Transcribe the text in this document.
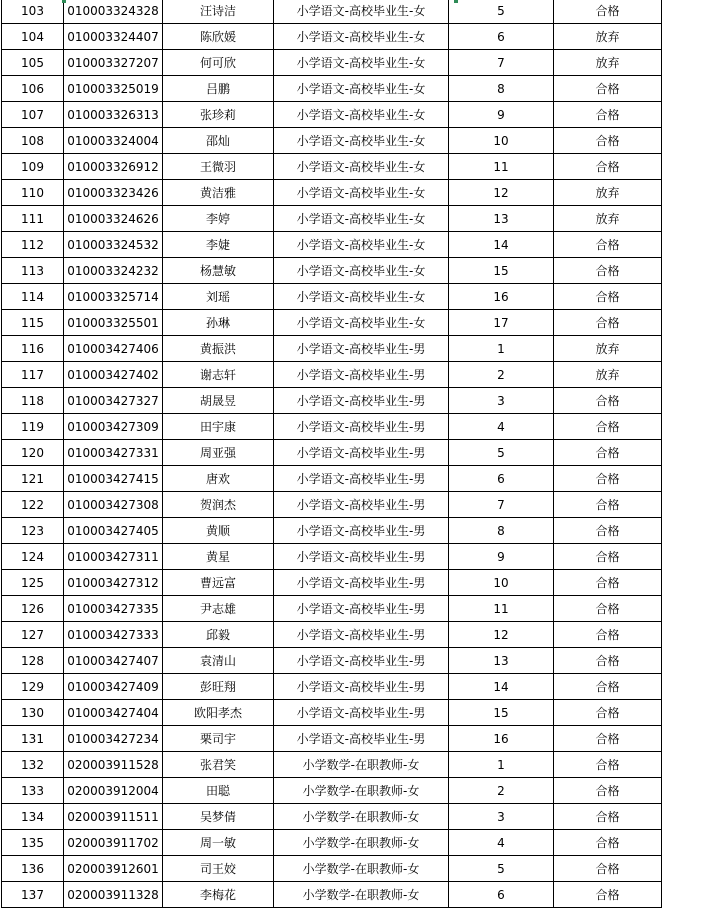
103	010003324328	汪诗洁	小学语文-高校毕业生-女	5	合格
104	010003324407	陈欣媛	小学语文-高校毕业生-女	6	放弃
105	010003327207	何可欣	小学语文-高校毕业生-女	7	放弃
106	010003325019	吕鹏	小学语文-高校毕业生-女	8	合格
107	010003326313	张珍莉	小学语文-高校毕业生-女	9	合格
108	010003324004	邵灿	小学语文-高校毕业生-女	10	合格
109	010003326912	王微羽	小学语文-高校毕业生-女	11	合格
110	010003323426	黄洁雅	小学语文-高校毕业生-女	12	放弃
111	010003324626	李婷	小学语文-高校毕业生-女	13	放弃
112	010003324532	李婕	小学语文-高校毕业生-女	14	合格
113	010003324232	杨慧敏	小学语文-高校毕业生-女	15	合格
114	010003325714	刘瑶	小学语文-高校毕业生-女	16	合格
115	010003325501	孙琳	小学语文-高校毕业生-女	17	合格
116	010003427406	黄振洪	小学语文-高校毕业生-男	1	放弃
117	010003427402	谢志轩	小学语文-高校毕业生-男	2	放弃
118	010003427327	胡晟昱	小学语文-高校毕业生-男	3	合格
119	010003427309	田宇康	小学语文-高校毕业生-男	4	合格
120	010003427331	周亚强	小学语文-高校毕业生-男	5	合格
121	010003427415	唐欢	小学语文-高校毕业生-男	6	合格
122	010003427308	贺润杰	小学语文-高校毕业生-男	7	合格
123	010003427405	黄顺	小学语文-高校毕业生-男	8	合格
124	010003427311	黄星	小学语文-高校毕业生-男	9	合格
125	010003427312	曹远富	小学语文-高校毕业生-男	10	合格
126	010003427335	尹志雄	小学语文-高校毕业生-男	11	合格
127	010003427333	邱毅	小学语文-高校毕业生-男	12	合格
128	010003427407	袁清山	小学语文-高校毕业生-男	13	合格
129	010003427409	彭旺翔	小学语文-高校毕业生-男	14	合格
130	010003427404	欧阳孝杰	小学语文-高校毕业生-男	15	合格
131	010003427234	栗司宇	小学语文-高校毕业生-男	16	合格
132	020003911528	张君笑	小学数学-在职教师-女	1	合格
133	020003912004	田聪	小学数学-在职教师-女	2	合格
134	020003911511	吴梦倩	小学数学-在职教师-女	3	合格
135	020003911702	周一敏	小学数学-在职教师-女	4	合格
136	020003912601	司王姣	小学数学-在职教师-女	5	合格
137	020003911328	李梅花	小学数学-在职教师-女	6	合格
